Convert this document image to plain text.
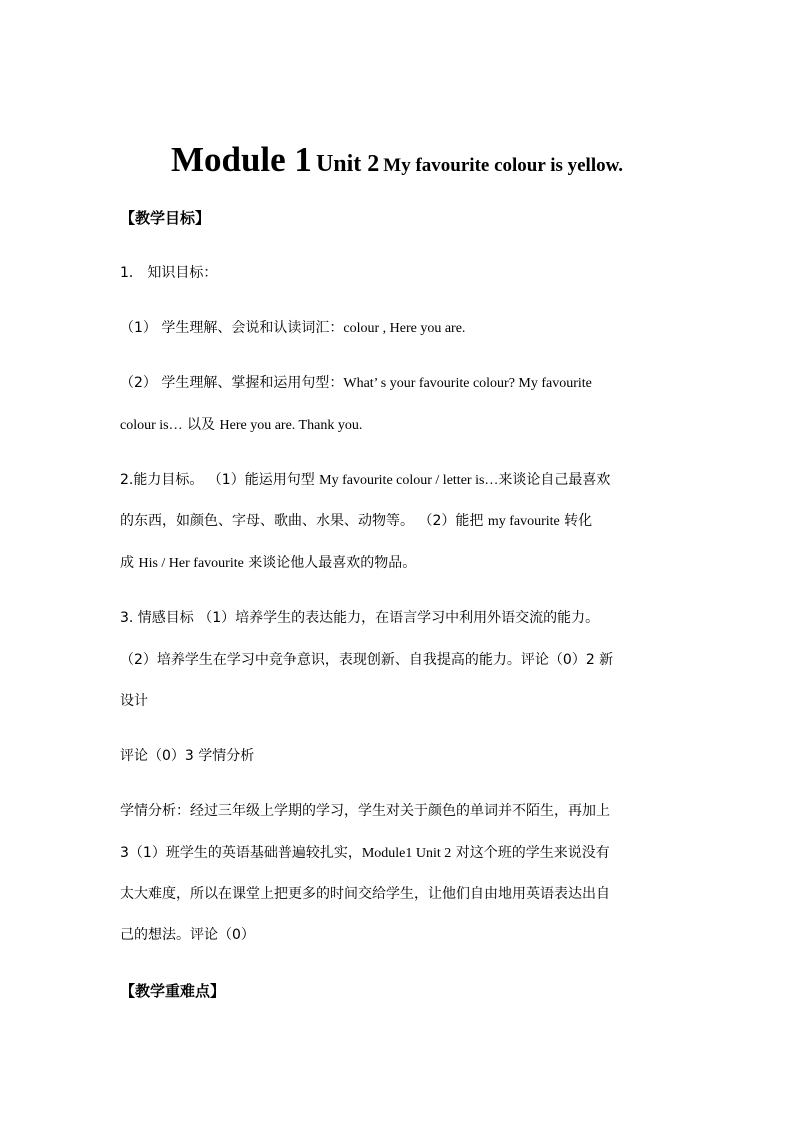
Module 1 Unit 2 My favourite colour is yellow.
【教学目标】
1． 知识目标：
（1） 学生理解、会说和认读词汇：colour , Here you are.
（2） 学生理解、掌握和运用句型：What’ s your favourite colour? My favourite
colour is… 以及 Here you are. Thank you.
2.能力目标。 （1）能运用句型 My favourite colour / letter is…来谈论自己最喜欢
的东西，如颜色、字母、歌曲、水果、动物等。 （2）能把 my favourite 转化
成 His / Her favourite 来谈论他人最喜欢的物品。
3. 情感目标 （1）培养学生的表达能力，在语言学习中利用外语交流的能力。
（2）培养学生在学习中竞争意识，表现创新、自我提高的能力。评论（0）2 新
设计
评论（0）3 学情分析
学情分析：经过三年级上学期的学习，学生对关于颜色的单词并不陌生，再加上
3（1）班学生的英语基础普遍较扎实，Module1 Unit 2 对这个班的学生来说没有
太大难度，所以在课堂上把更多的时间交给学生，让他们自由地用英语表达出自
己的想法。评论（0）
【教学重难点】
